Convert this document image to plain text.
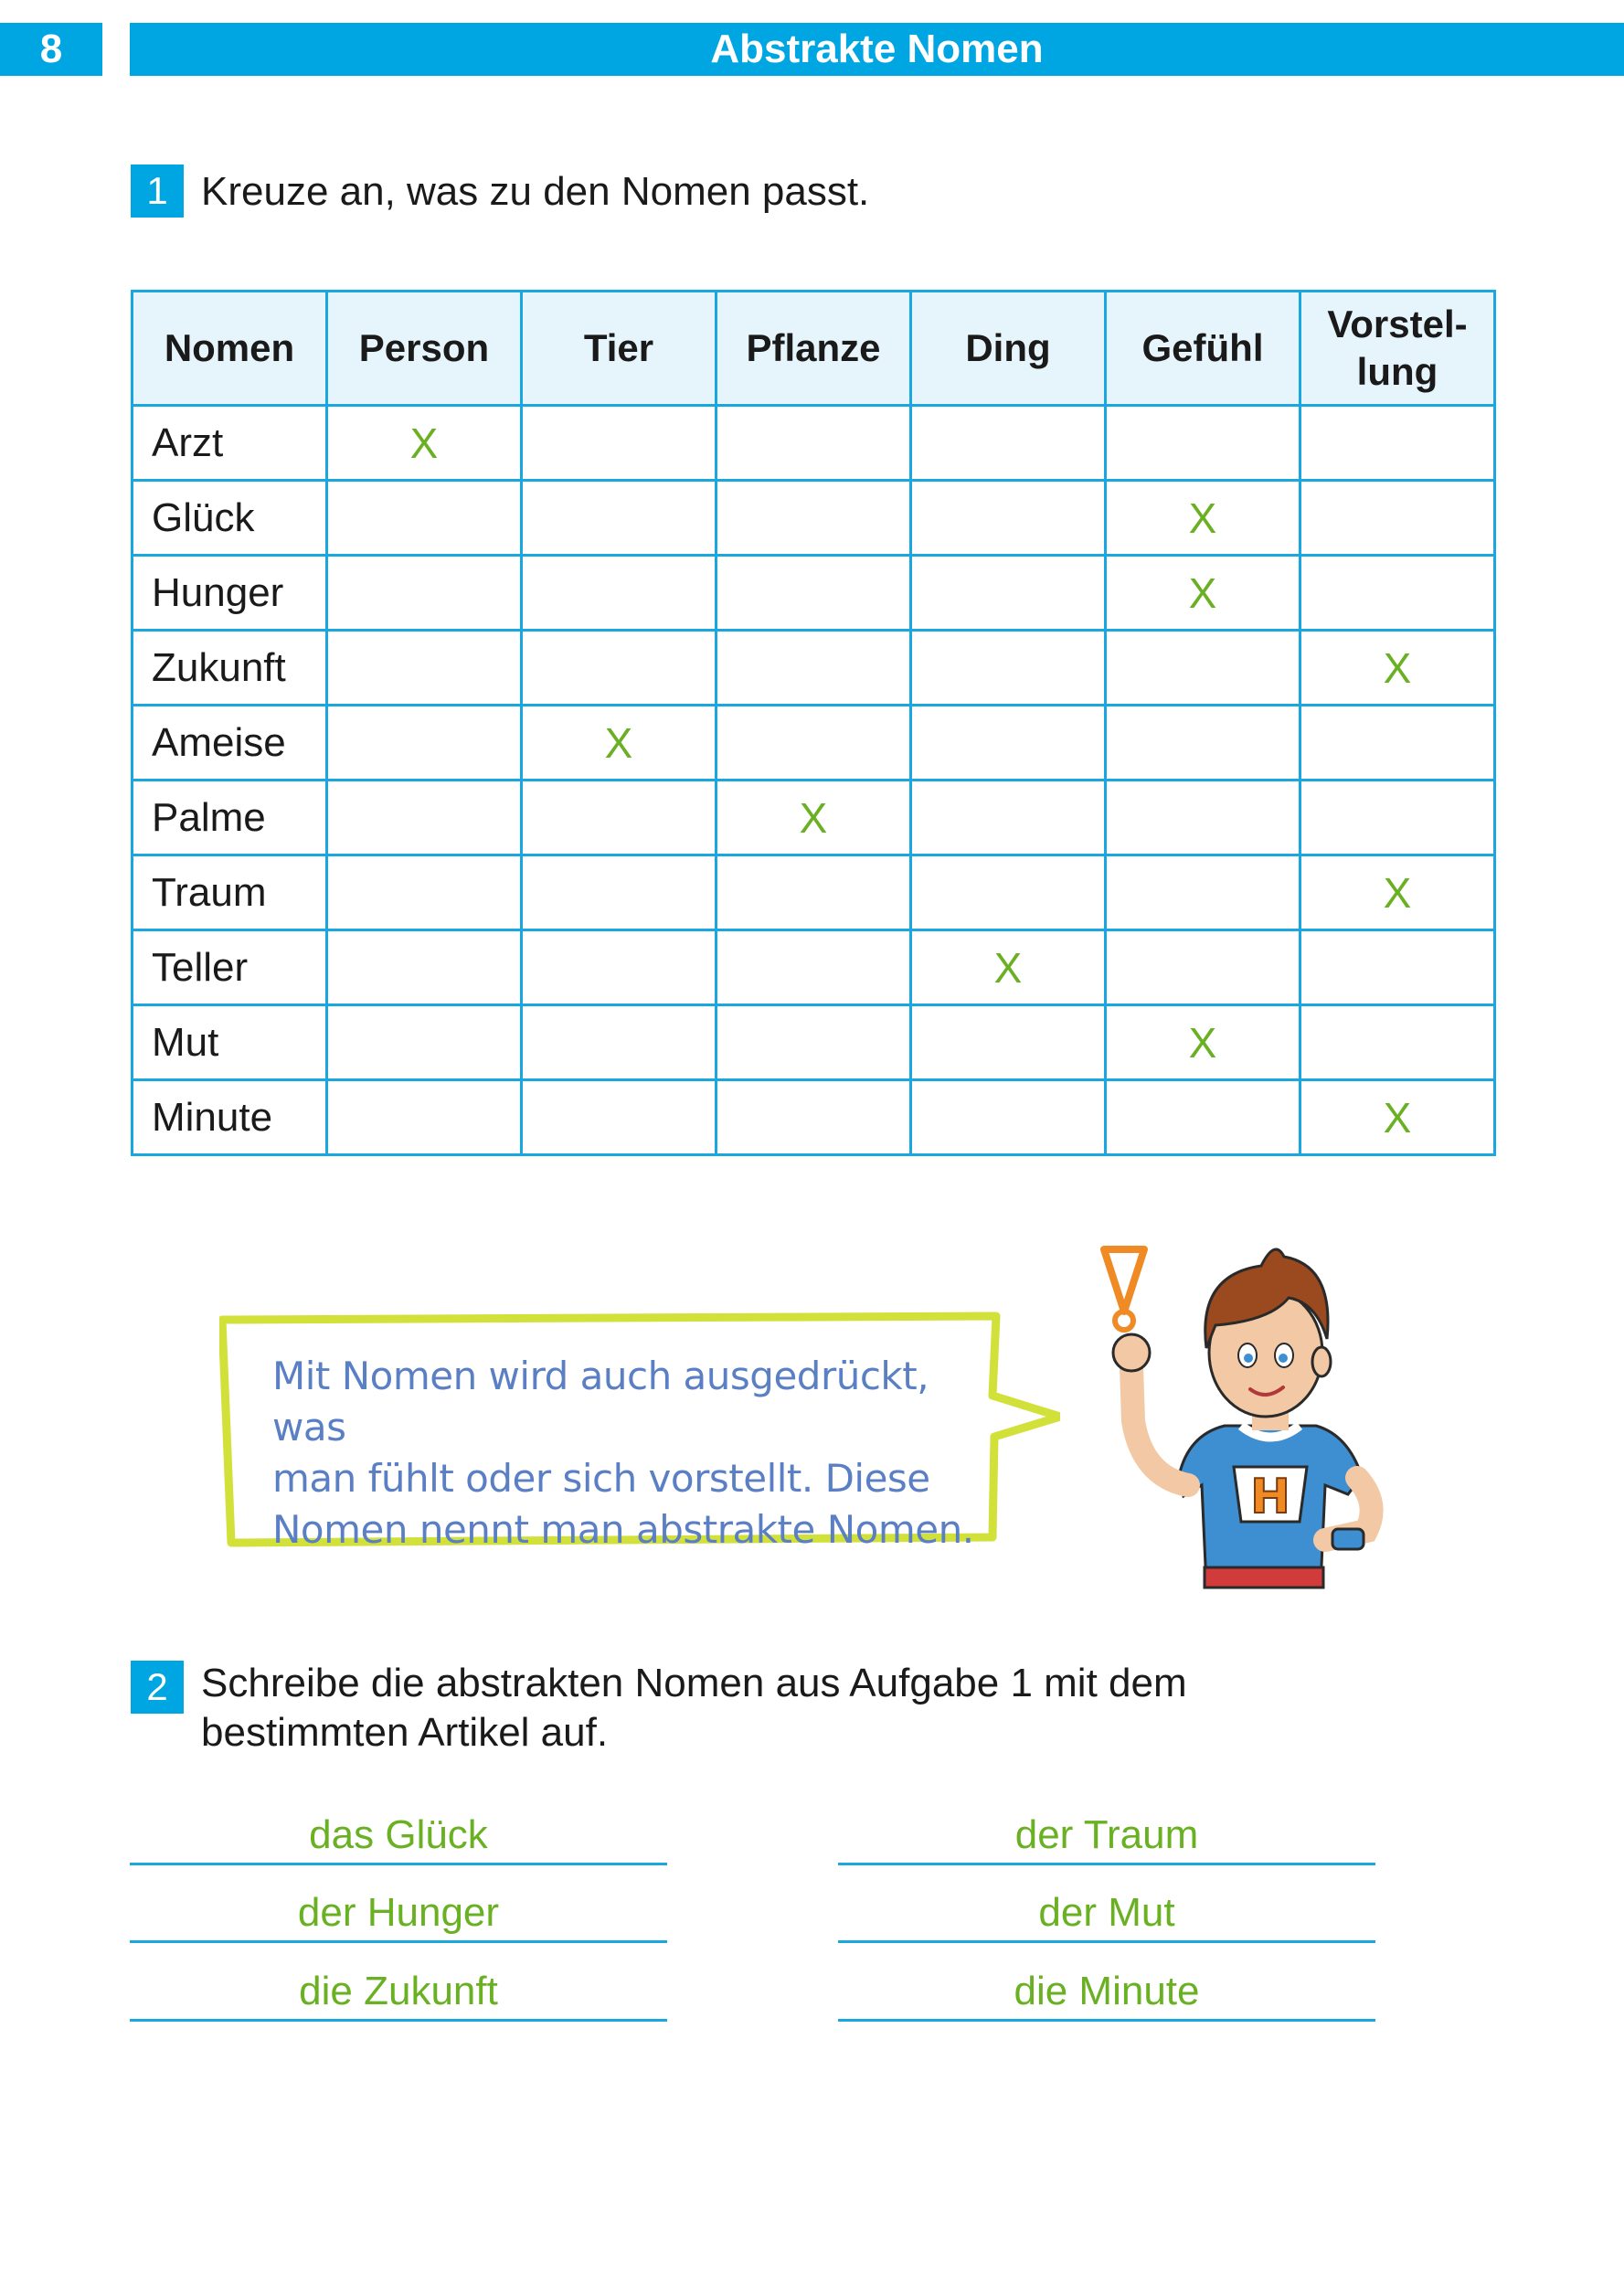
8	Abstrakte Nomen
1 Kreuze an, was zu den Nomen passt.
Nomen	Person	Tier	Pflanze	Ding	Gefühl	Vorstel-
lung
Arzt	X					
Glück					X	
Hunger					X	
Zukunft						X
Ameise		X				
Palme			X			
Traum						X
Teller				X		
Mut					X	
Minute						X
Mit Nomen wird auch ausgedrückt, was
man fühlt oder sich vorstellt. Diese
Nomen nennt man abstrakte Nomen.
H
2 Schreibe die abstrakten Nomen aus Aufgabe 1 mit dem
bestimmten Artikel auf.
das Glück
der Hunger
die Zukunft
der Traum
der Mut
die Minute
